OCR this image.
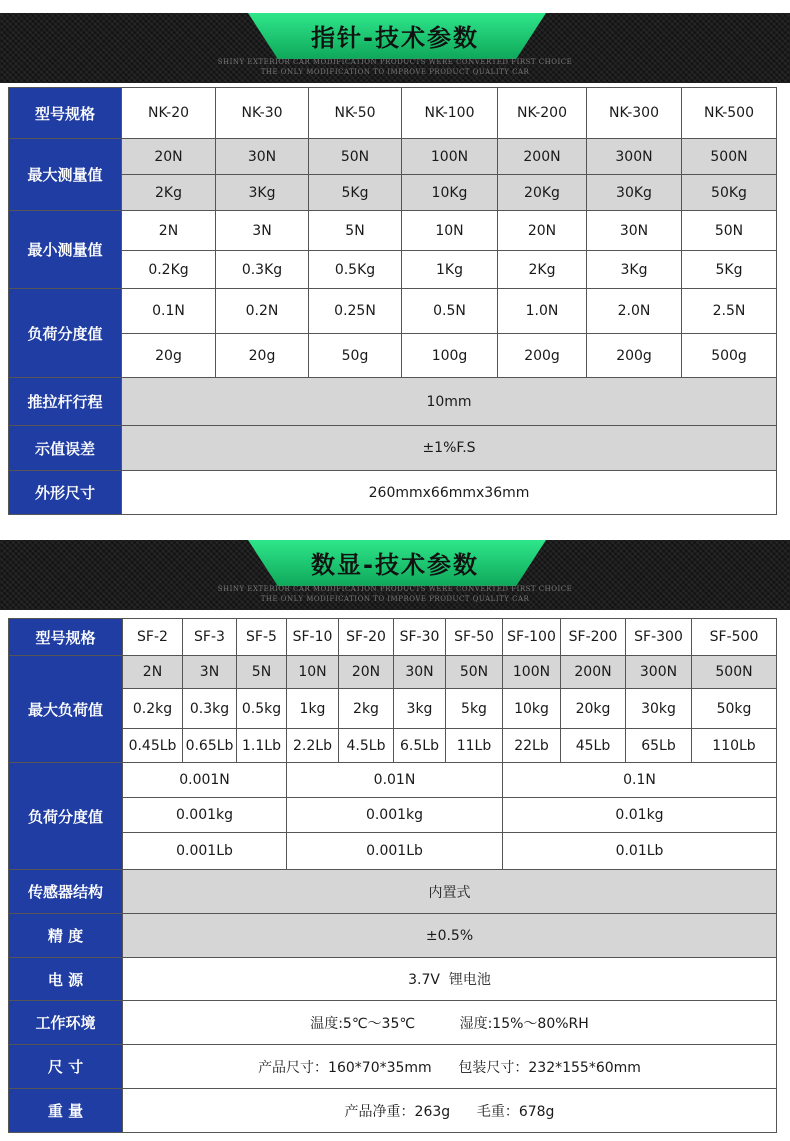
指针-技术参数
SHINY EXTERIOR CAR MODIFICATION PRODUCTS WERE CONVERTED FIRST CHOICE
THE ONLY MODIFICATION TO IMPROVE PRODUCT QUALITY CAR
型号规格	NK-20	NK-30	NK-50	NK-100	NK-200	NK-300	NK-500
最大测量值	20N	30N	50N	100N	200N	300N	500N
	2Kg	3Kg	5Kg	10Kg	20Kg	30Kg	50Kg
最小测量值	2N	3N	5N	10N	20N	30N	50N
	0.2Kg	0.3Kg	0.5Kg	1Kg	2Kg	3Kg	5Kg
负荷分度值	0.1N	0.2N	0.25N	0.5N	1.0N	2.0N	2.5N
	20g	20g	50g	100g	200g	200g	500g
推拉杆行程	10mm						
示值误差	±1%F.S						
外形尺寸	260mmx66mmx36mm						
数显-技术参数
SHINY EXTERIOR CAR MODIFICATION PRODUCTS WERE CONVERTED FIRST CHOICE
THE ONLY MODIFICATION TO IMPROVE PRODUCT QUALITY CAR
型号规格	SF-2	SF-3	SF-5	SF-10	SF-20	SF-30	SF-50	SF-100	SF-200	SF-300	SF-500
最大负荷值	2N	3N	5N	10N	20N	30N	50N	100N	200N	300N	500N
	0.2kg	0.3kg	0.5kg	1kg	2kg	3kg	5kg	10kg	20kg	30kg	50kg
	0.45Lb	0.65Lb	1.1Lb	2.2Lb	4.5Lb	6.5Lb	11Lb	22Lb	45Lb	65Lb	110Lb
负荷分度值	0.001N			0.01N				0.1N			
	0.001kg			0.001kg				0.01kg			
	0.001Lb			0.001Lb				0.01Lb			
传感器结构	内置式										
精 度	±0.5%										
电 源	3.7V  锂电池										
工作环境	温度:5℃～35℃          湿度:15%～80%RH										
尺 寸	产品尺寸：160*70*35mm      包装尺寸：232*155*60mm										
重 量	产品净重：263g      毛重：678g										
